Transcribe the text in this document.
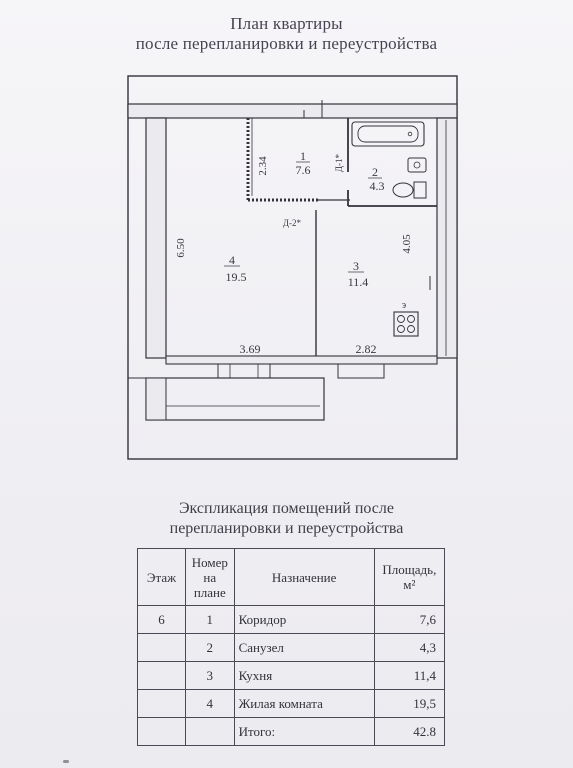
План квартиры
после перепланировки и переустройства
1
7.6	2
4.3
3
11.4
4
19.5
2.34
6.50	4.05
3.69	2.82
Д-1*
Д-2*
э
Экспликация помещений после
перепланировки и переустройства
Этаж	Номер на плане	Назначение	Площадь, м²
6	1	Коридор	7,6
	2	Санузел	4,3
	3	Кухня	11,4
	4	Жилая комната	19,5
		Итого:	42.8
